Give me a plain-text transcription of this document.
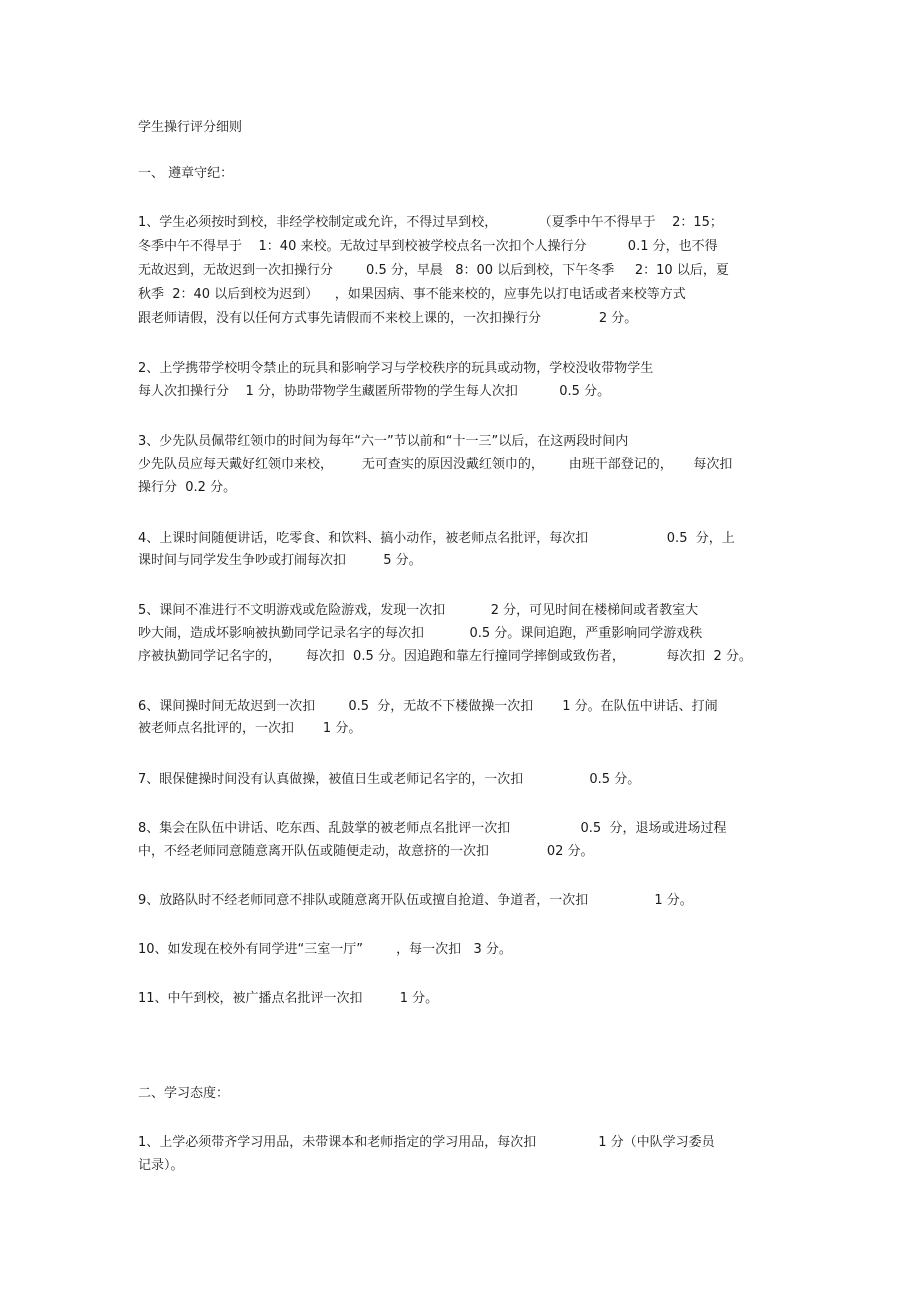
学生操行评分细则
一、 遵章守纪：
1、学生必须按时到校，非经学校制定或允许，不得过早到校，          （夏季中午不得早于    2：15；
冬季中午不得早于    1：40 来校。无故过早到校被学校点名一次扣个人操行分          0.1 分，也不得
无故迟到，无故迟到一次扣操行分        0.5 分，早晨   8：00 以后到校，下午冬季     2：10 以后，夏
秋季  2：40 以后到校为迟到）    ，如果因病、事不能来校的，应事先以打电话或者来校等方式
跟老师请假，没有以任何方式事先请假而不来校上课的，一次扣操行分              2 分。
2、上学携带学校明令禁止的玩具和影响学习与学校秩序的玩具或动物，学校没收带物学生
每人次扣操行分    1 分，协助带物学生藏匿所带物的学生每人次扣          0.5 分。
3、少先队员佩带红领巾的时间为每年“六一”节以前和“十一三”以后，在这两段时间内
少先队员应每天戴好红领巾来校，       无可查实的原因没戴红领巾的，      由班干部登记的，     每次扣
操行分  0.2 分。
4、上课时间随便讲话，吃零食、和饮料、搞小动作，被老师点名批评，每次扣                   0.5  分，上
课时间与同学发生争吵或打闹每次扣         5 分。
5、课间不准进行不文明游戏或危险游戏，发现一次扣           2 分，可见时间在楼梯间或者教室大
吵大闹，造成坏影响被执勤同学记录名字的每次扣           0.5 分。课间追跑，严重影响同学游戏秩
序被执勤同学记名字的，      每次扣  0.5 分。因追跑和靠左行撞同学摔倒或致伤者，          每次扣  2 分。
6、课间操时间无故迟到一次扣        0.5  分，无故不下楼做操一次扣       1 分。在队伍中讲话、打闹
被老师点名批评的，一次扣       1 分。
7、眼保健操时间没有认真做操，被值日生或老师记名字的，一次扣                0.5 分。
8、集会在队伍中讲话、吃东西、乱鼓掌的被老师点名批评一次扣                 0.5  分，退场或进场过程
中，不经老师同意随意离开队伍或随便走动，故意挤的一次扣              02 分。
9、放路队时不经老师同意不排队或随意离开队伍或擅自抢道、争道者，一次扣                1 分。
10、如发现在校外有同学进“三室一厅”        ，每一次扣   3 分。
11、中午到校，被广播点名批评一次扣         1 分。
二、学习态度：
1、上学必须带齐学习用品，未带课本和老师指定的学习用品，每次扣               1 分（中队学习委员
记录）。
